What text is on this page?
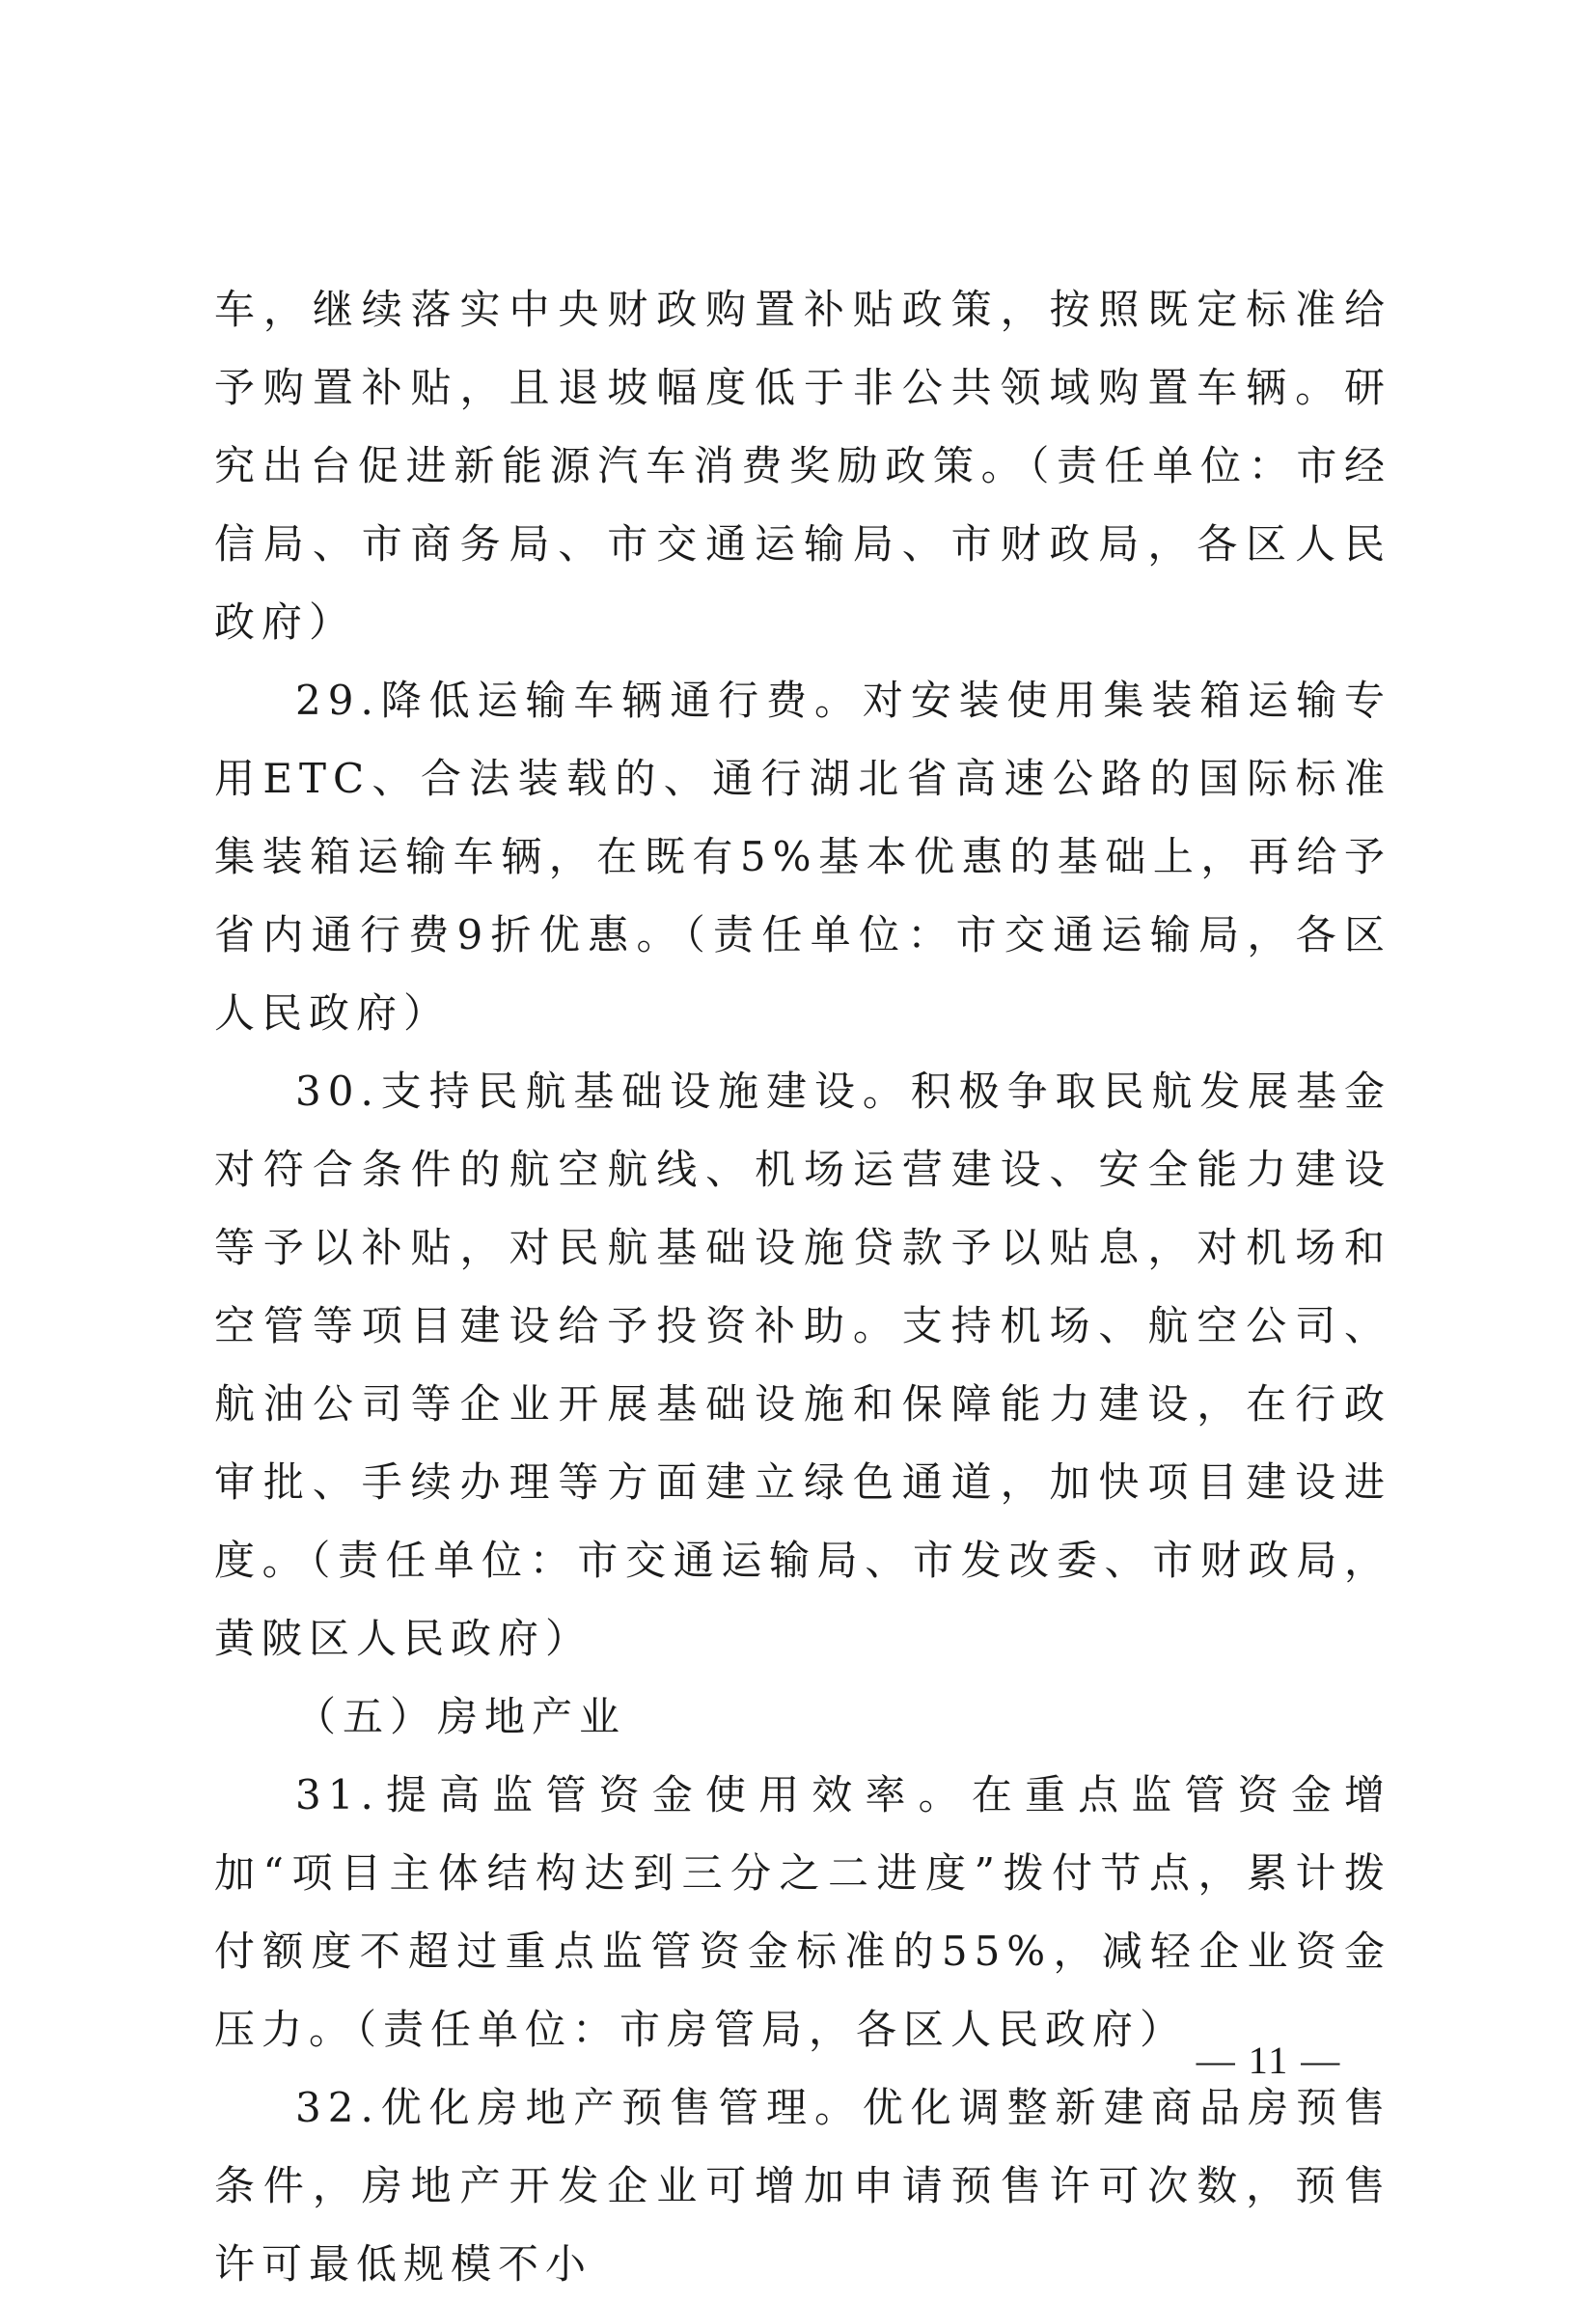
车，继续落实中央财政购置补贴政策，按照既定标准给予购置补贴，且退坡幅度低于非公共领域购置车辆。研究出台促进新能源汽车消费奖励政策。（责任单位：市经信局、市商务局、市交通运输局、市财政局，各区人民政府）

29.降低运输车辆通行费。对安装使用集装箱运输专用ETC、合法装载的、通行湖北省高速公路的国际标准集装箱运输车辆，在既有5%基本优惠的基础上，再给予省内通行费9折优惠。（责任单位：市交通运输局，各区人民政府）

30.支持民航基础设施建设。积极争取民航发展基金对符合条件的航空航线、机场运营建设、安全能力建设等予以补贴，对民航基础设施贷款予以贴息，对机场和空管等项目建设给予投资补助。支持机场、航空公司、航油公司等企业开展基础设施和保障能力建设，在行政审批、手续办理等方面建立绿色通道，加快项目建设进度。（责任单位：市交通运输局、市发改委、市财政局，黄陂区人民政府）

（五）房地产业

31.提高监管资金使用效率。在重点监管资金增加“项目主体结构达到三分之二进度”拨付节点，累计拨付额度不超过重点监管资金标准的55%，减轻企业资金压力。（责任单位：市房管局，各区人民政府）

32.优化房地产预售管理。优化调整新建商品房预售条件，房地产开发企业可增加申请预售许可次数，预售许可最低规模不小

— 11 —
